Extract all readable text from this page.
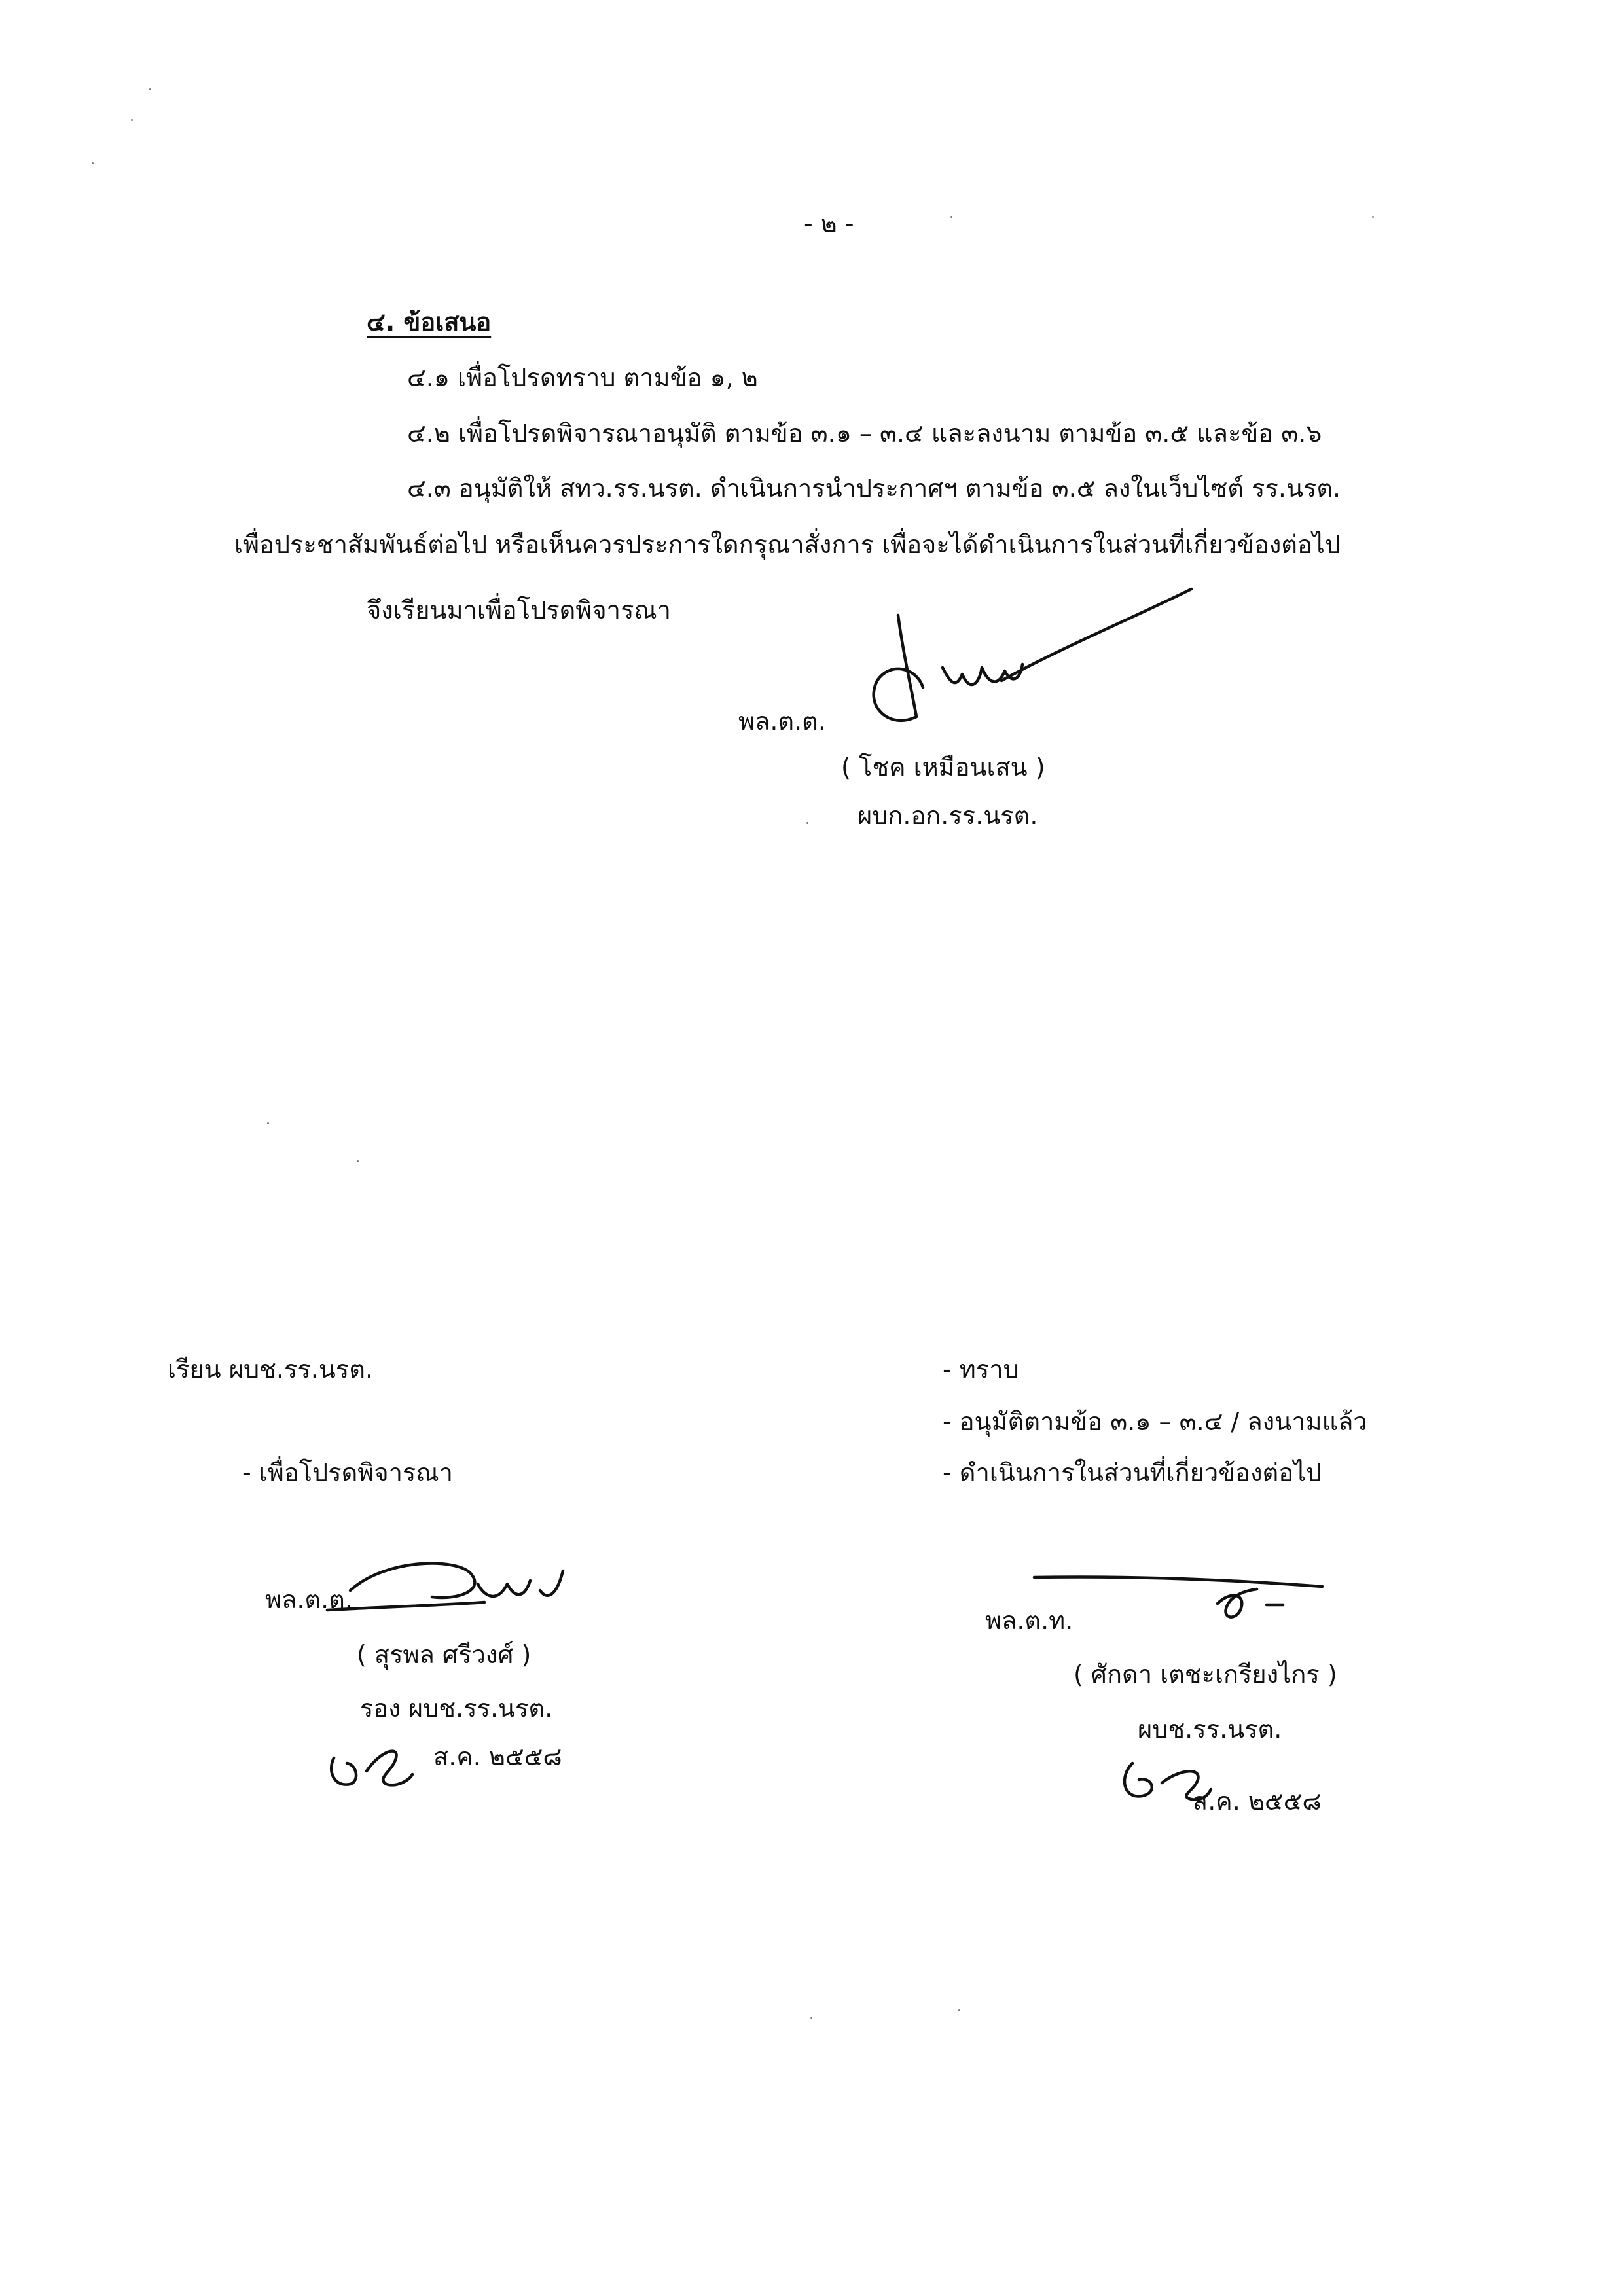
- ๒ -
๔. ข้อเสนอ
๔.๑ เพื่อโปรดทราบ ตามข้อ ๑, ๒
๔.๒ เพื่อโปรดพิจารณาอนุมัติ ตามข้อ ๓.๑ – ๓.๔ และลงนาม ตามข้อ ๓.๕ และข้อ ๓.๖
๔.๓ อนุมัติให้ สทว.รร.นรต. ดำเนินการนำประกาศฯ ตามข้อ ๓.๕ ลงในเว็บไซต์ รร.นรต.
เพื่อประชาสัมพันธ์ต่อไป หรือเห็นควรประการใดกรุณาสั่งการ เพื่อจะได้ดำเนินการในส่วนที่เกี่ยวข้องต่อไป
จึงเรียนมาเพื่อโปรดพิจารณา
พล.ต.ต.
( โชค เหมือนเสน )
ผบก.อก.รร.นรต.
เรียน ผบช.รร.นรต.
- เพื่อโปรดพิจารณา
พล.ต.ต.
( สุรพล ศรีวงศ์ )
รอง ผบช.รร.นรต.
ส.ค. ๒๕๕๘
- ทราบ
- อนุมัติตามข้อ ๓.๑ – ๓.๔ / ลงนามแล้ว
- ดำเนินการในส่วนที่เกี่ยวข้องต่อไป
พล.ต.ท.
( ศักดา เตชะเกรียงไกร )
ผบช.รร.นรต.
ส.ค. ๒๕๕๘
